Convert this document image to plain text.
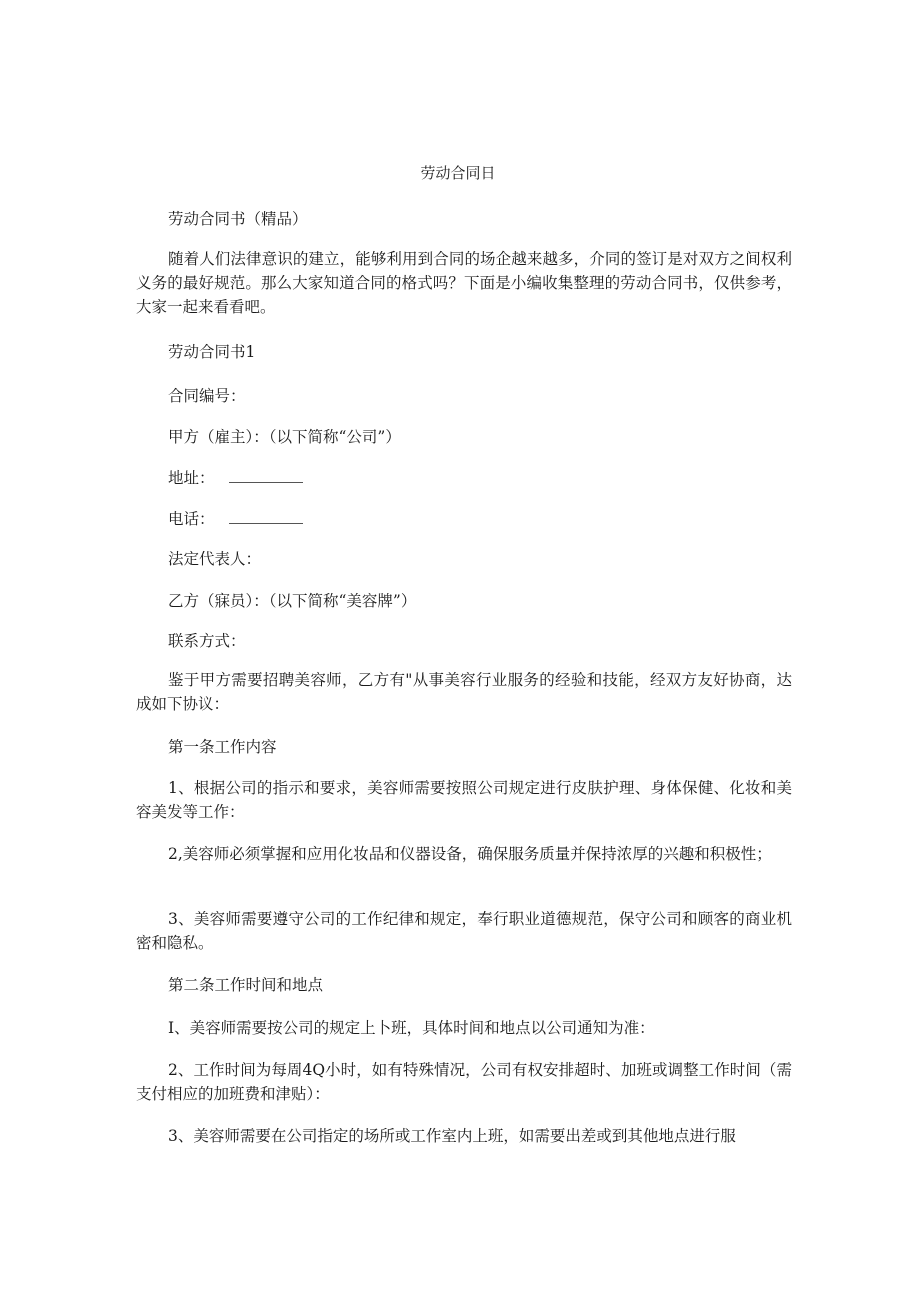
劳动合同日

劳动合同书（精品）

随着人们法律意识的建立，能够利用到合同的场企越来越多，介同的签订是对双方之间权利义务的最好规范。那么大家知道合同的格式吗？下面是小编收集整理的劳动合同书，仅供参考，大家一起来看看吧。

劳动合同书1

合同编号：

甲方（雇主）：（以下简称“公司”）

地址：

电话：

法定代表人：

乙方（寐员）：（以下简称“美容牌”）

联系方式：

鉴于甲方需要招聘美容师，乙方有"从事美容行业服务的经验和技能，经双方友好协商，达成如下协议：

第一条工作内容

1、根据公司的指示和要求，美容师需要按照公司规定进行皮肤护理、身体保健、化妆和美容美发等工作：

2,美容师必须掌握和应用化妆品和仪器设备，确保服务质量并保持浓厚的兴趣和积极性；

3、美容师需要遵守公司的工作纪律和规定，奉行职业道德规范，保守公司和顾客的商业机密和隐私。

第二条工作时间和地点

I、美容师需要按公司的规定上卜班，具体时间和地点以公司通知为准：

2、工作时间为每周4Q小时，如有特殊情况，公司有权安排超时、加班或调整工作时间（需支付相应的加班费和津贴）：

3、美容师需要在公司指定的场所或工作室内上班，如需要出差或到其他地点进行服
